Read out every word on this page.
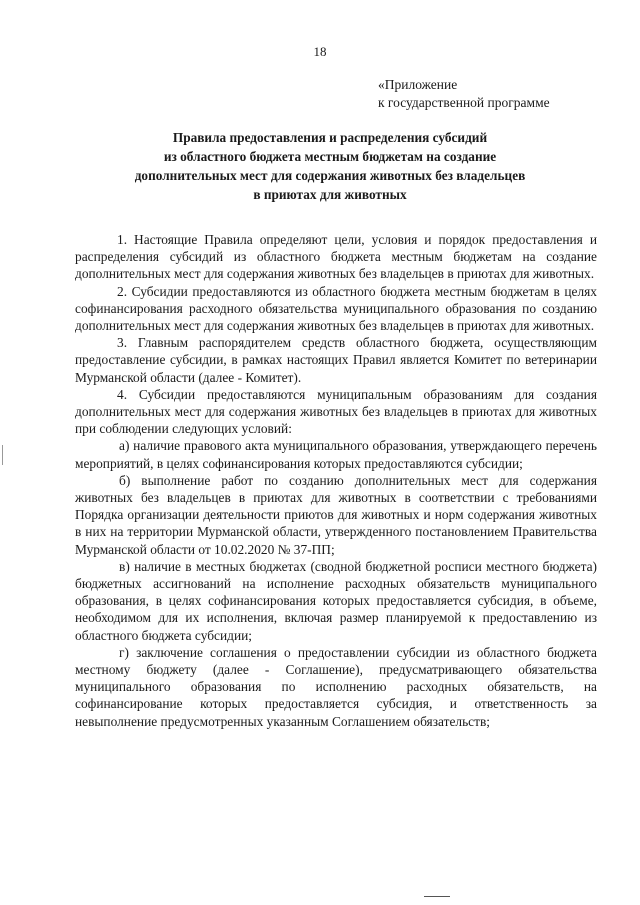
18
«Приложение
к государственной программе
Правила предоставления и распределения субсидий
из областного бюджета местным бюджетам на создание
дополнительных мест для содержания животных без владельцев
в приютах для животных

1. Настоящие Правила определяют цели, условия и порядок предоставления и распределения субсидий из областного бюджета местным бюджетам на создание дополнительных мест для содержания животных без владельцев в приютах для животных.

2. Субсидии предоставляются из областного бюджета местным бюджетам в целях софинансирования расходного обязательства муниципального образования по созданию дополнительных мест для содержания животных без владельцев в приютах для животных.

3. Главным распорядителем средств областного бюджета, осуществляющим предоставление субсидии, в рамках настоящих Правил является Комитет по ветеринарии Мурманской области (далее - Комитет).

4. Субсидии предоставляются муниципальным образованиям для создания дополнительных мест для содержания животных без владельцев в приютах для животных при соблюдении следующих условий:

а) наличие правового акта муниципального образования, утверждающего перечень мероприятий, в целях софинансирования которых предоставляются субсидии;

б) выполнение работ по созданию дополнительных мест для содержания животных без владельцев в приютах для животных в соответствии с требованиями Порядка организации деятельности приютов для животных и норм содержания животных в них на территории Мурманской области, утвержденного постановлением Правительства Мурманской области от 10.02.2020 № 37-ПП;

в) наличие в местных бюджетах (сводной бюджетной росписи местного бюджета) бюджетных ассигнований на исполнение расходных обязательств муниципального образования, в целях софинансирования которых предоставляется субсидия, в объеме, необходимом для их исполнения, включая размер планируемой к предоставлению из областного бюджета субсидии;

г) заключение соглашения о предоставлении субсидии из областного бюджета местному бюджету (далее - Соглашение), предусматривающего обязательства муниципального образования по исполнению расходных обязательств, на софинансирование которых предоставляется субсидия, и ответственность за невыполнение предусмотренных указанным Соглашением обязательств;
